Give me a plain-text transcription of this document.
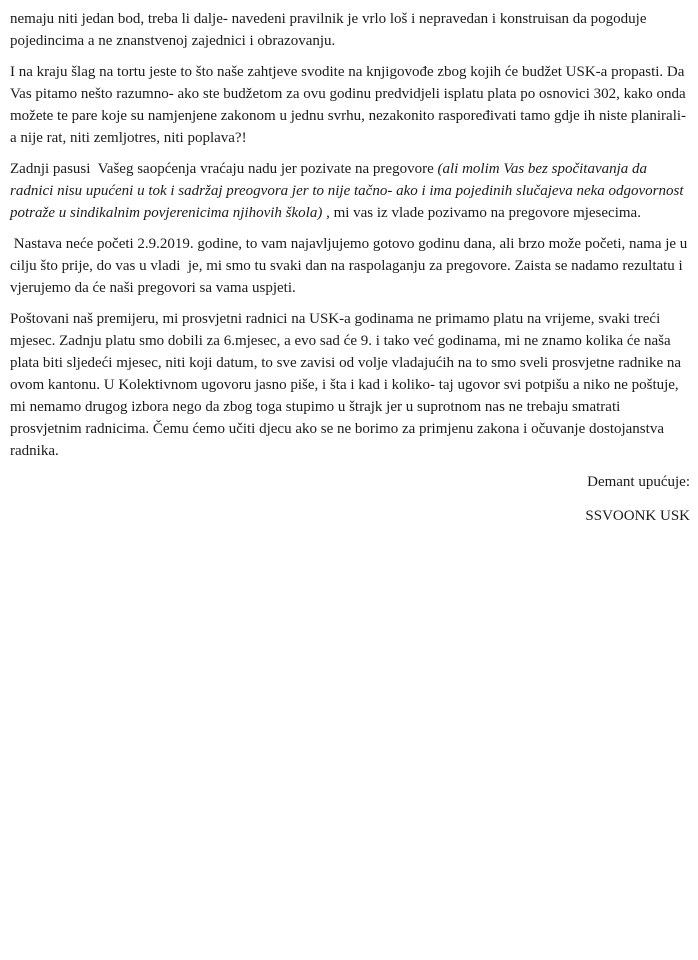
nemaju niti jedan bod, treba li dalje- navedeni pravilnik je vrlo loš i nepravedan i konstruisan da pogoduje pojedincima a ne znanstvenoj zajednici i obrazovanju.

I na kraju šlag na tortu jeste to što naše zahtjeve svodite na knjigovođe zbog kojih će budžet USK-a propasti. Da Vas pitamo nešto razumno- ako ste budžetom za ovu godinu predvidjeli isplatu plata po osnovici 302, kako onda možete te pare koje su namjenjene zakonom u jednu svrhu, nezakonito raspoređivati tamo gdje ih niste planirali- a nije rat, niti zemljotres, niti poplava?!

Zadnji pasusi  Vašeg saopćenja vraćaju nadu jer pozivate na pregovore (ali molim Vas bez spočitavanja da radnici nisu upućeni u tok i sadržaj preogvora jer to nije tačno- ako i ima pojedinih slučajeva neka odgovornost potraže u sindikalnim povjerenicima njihovih škola) , mi vas iz vlade pozivamo na pregovore mjesecima.

Nastava neće početi 2.9.2019. godine, to vam najavljujemo gotovo godinu dana, ali brzo može početi, nama je u cilju što prije, do vas u vladi  je, mi smo tu svaki dan na raspolaganju za pregovore. Zaista se nadamo rezultatu i vjerujemo da će naši pregovori sa vama uspjeti.

Poštovani naš premijeru, mi prosvjetni radnici na USK-a godinama ne primamo platu na vrijeme, svaki treći mjesec. Zadnju platu smo dobili za 6.mjesec, a evo sad će 9. i tako već godinama, mi ne znamo kolika će naša plata biti sljedeći mjesec, niti koji datum, to sve zavisi od volje vladajućih na to smo sveli prosvjetne radnike na ovom kantonu. U Kolektivnom ugovoru jasno piše, i šta i kad i koliko- taj ugovor svi potpišu a niko ne poštuje, mi nemamo drugog izbora nego da zbog toga stupimo u štrajk jer u suprotnom nas ne trebaju smatrati prosvjetnim radnicima. Čemu ćemo učiti djecu ako se ne borimo za primjenu zakona i očuvanje dostojanstva radnika.

Demant upućuje:

SSVOONK USK
